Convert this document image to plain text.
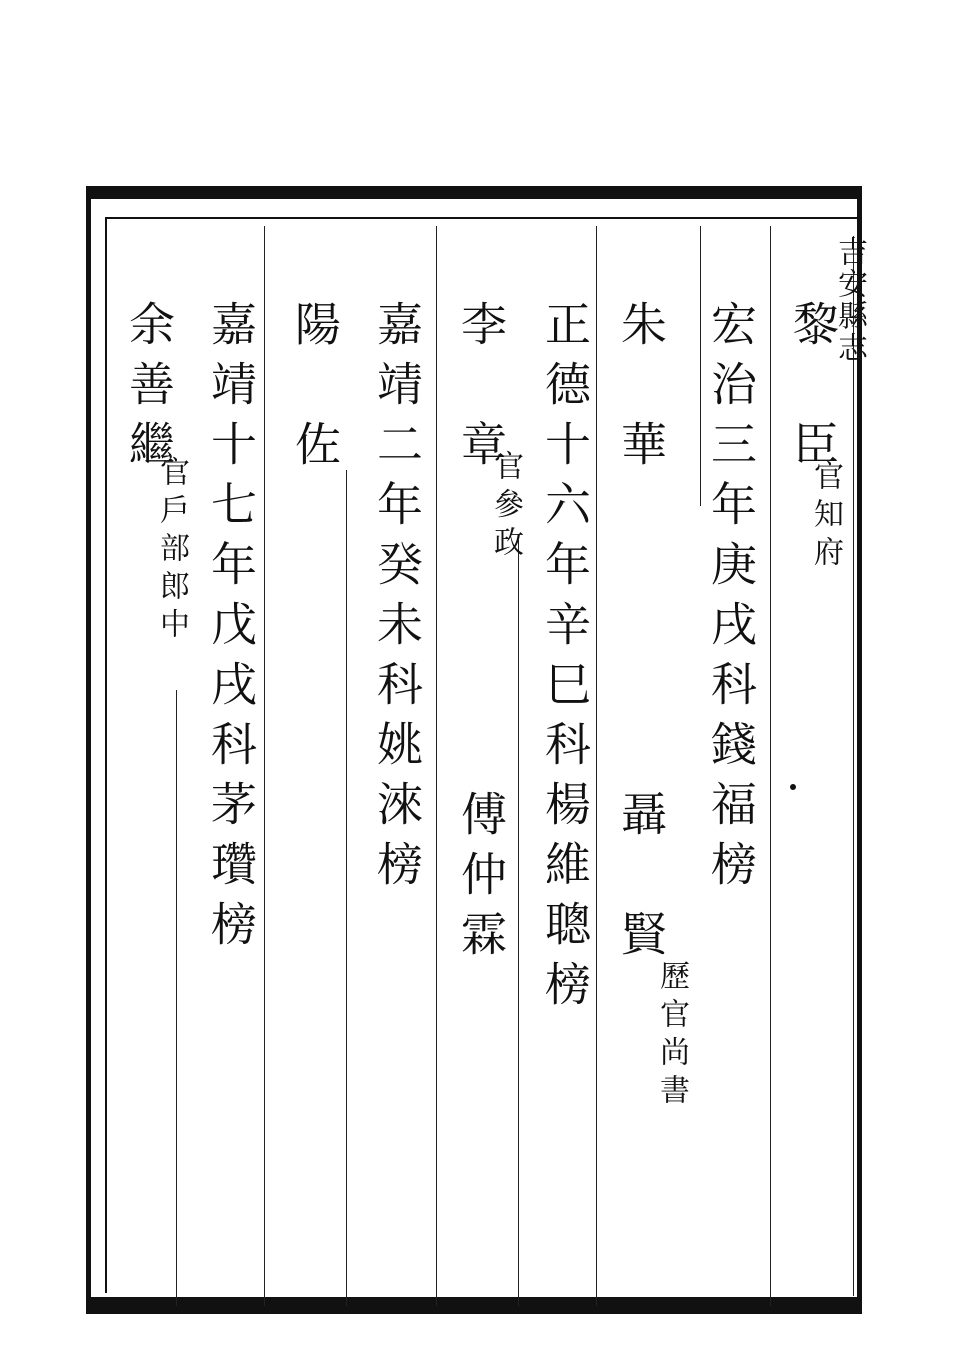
吉安縣志
黎　臣
官知府
宏治三年庚戌科錢福榜
朱　華
聶　賢
歷官尚書
正德十六年辛巳科楊維聰榜
李　章
官參政
傅仲霖
嘉靖二年癸未科姚淶榜
陽　佐
嘉靖十七年戊戌科茅瓚榜
余善繼
官戶部郎中
